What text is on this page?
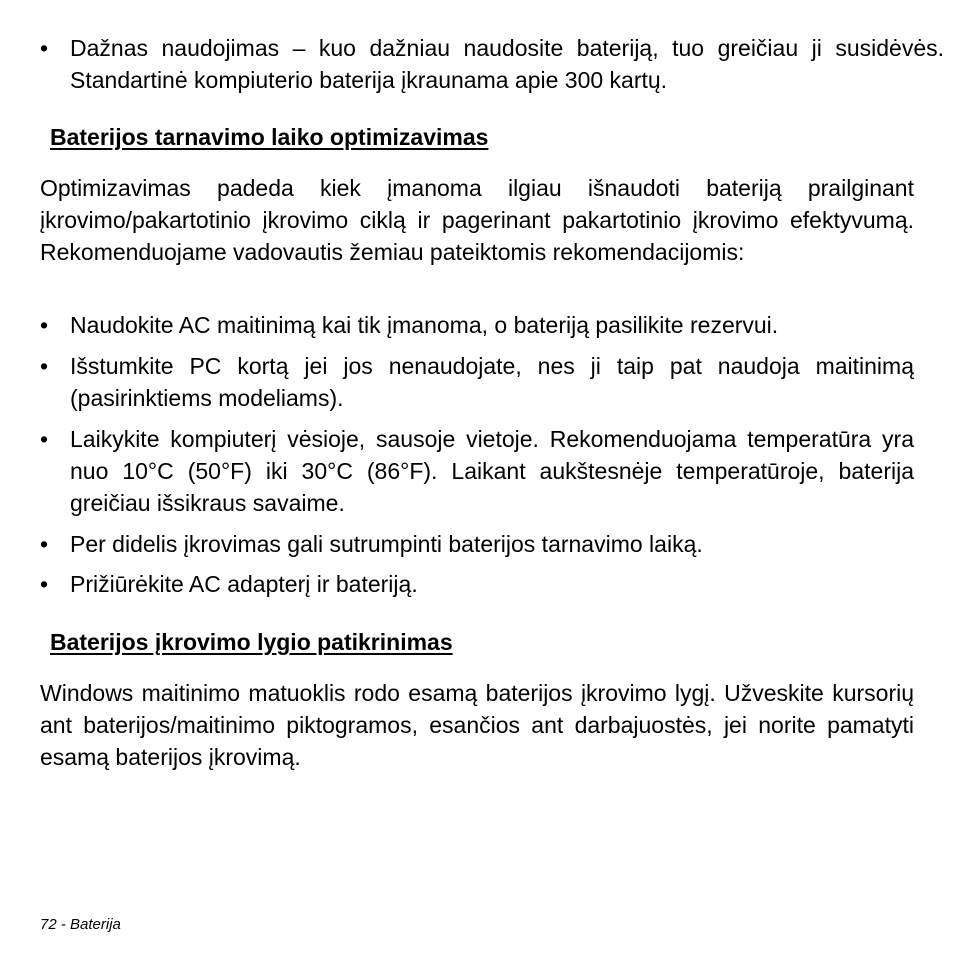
• Dažnas naudojimas – kuo dažniau naudosite bateriją, tuo greičiau ji susidėvės. Standartinė kompiuterio baterija įkraunama apie 300 kartų.
Baterijos tarnavimo laiko optimizavimas

Optimizavimas padeda kiek įmanoma ilgiau išnaudoti bateriją prailginant įkrovimo/pakartotinio įkrovimo ciklą ir pagerinant pakartotinio įkrovimo efektyvumą. Rekomenduojame vadovautis žemiau pateiktomis rekomendacijomis:

• Naudokite AC maitinimą kai tik įmanoma, o bateriją pasilikite rezervui.
• Išstumkite PC kortą jei jos nenaudojate, nes ji taip pat naudoja maitinimą (pasirinktiems modeliams).
• Laikykite kompiuterį vėsioje, sausoje vietoje. Rekomenduojama temperatūra yra nuo 10°C (50°F) iki 30°C (86°F). Laikant aukštesnėje temperatūroje, baterija greičiau išsikraus savaime.
• Per didelis įkrovimas gali sutrumpinti baterijos tarnavimo laiką.
• Prižiūrėkite AC adapterį ir bateriją.
Baterijos įkrovimo lygio patikrinimas

Windows maitinimo matuoklis rodo esamą baterijos įkrovimo lygį. Užveskite kursorių ant baterijos/maitinimo piktogramos, esančios ant darbajuostės, jei norite pamatyti esamą baterijos įkrovimą.

72 - Baterija
